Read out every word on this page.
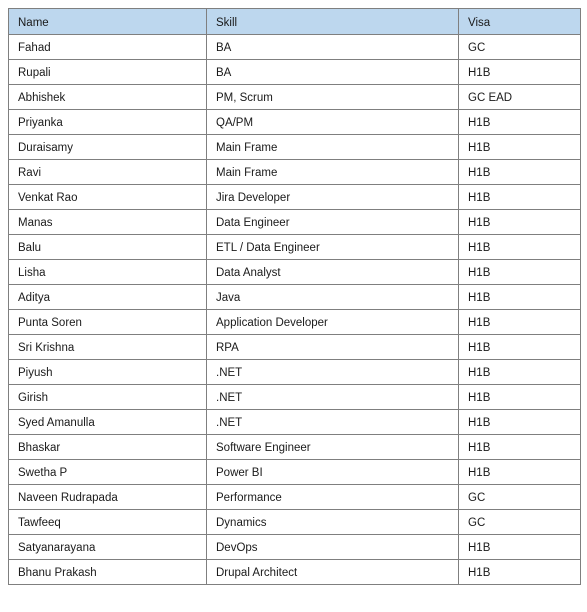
Name	Skill	Visa
Fahad	BA	GC
Rupali	BA	H1B
Abhishek	PM, Scrum	GC EAD
Priyanka	QA/PM	H1B
Duraisamy	Main Frame	H1B
Ravi	Main Frame	H1B
Venkat Rao	Jira Developer	H1B
Manas	Data Engineer	H1B
Balu	ETL / Data Engineer	H1B
Lisha	Data Analyst	H1B
Aditya	Java	H1B
Punta Soren	Application Developer	H1B
Sri Krishna	RPA	H1B
Piyush	.NET	H1B
Girish	.NET	H1B
Syed Amanulla	.NET	H1B
Bhaskar	Software Engineer	H1B
Swetha P	Power BI	H1B
Naveen Rudrapada	Performance	GC
Tawfeeq	Dynamics	GC
Satyanarayana	DevOps	H1B
Bhanu Prakash	Drupal Architect	H1B
